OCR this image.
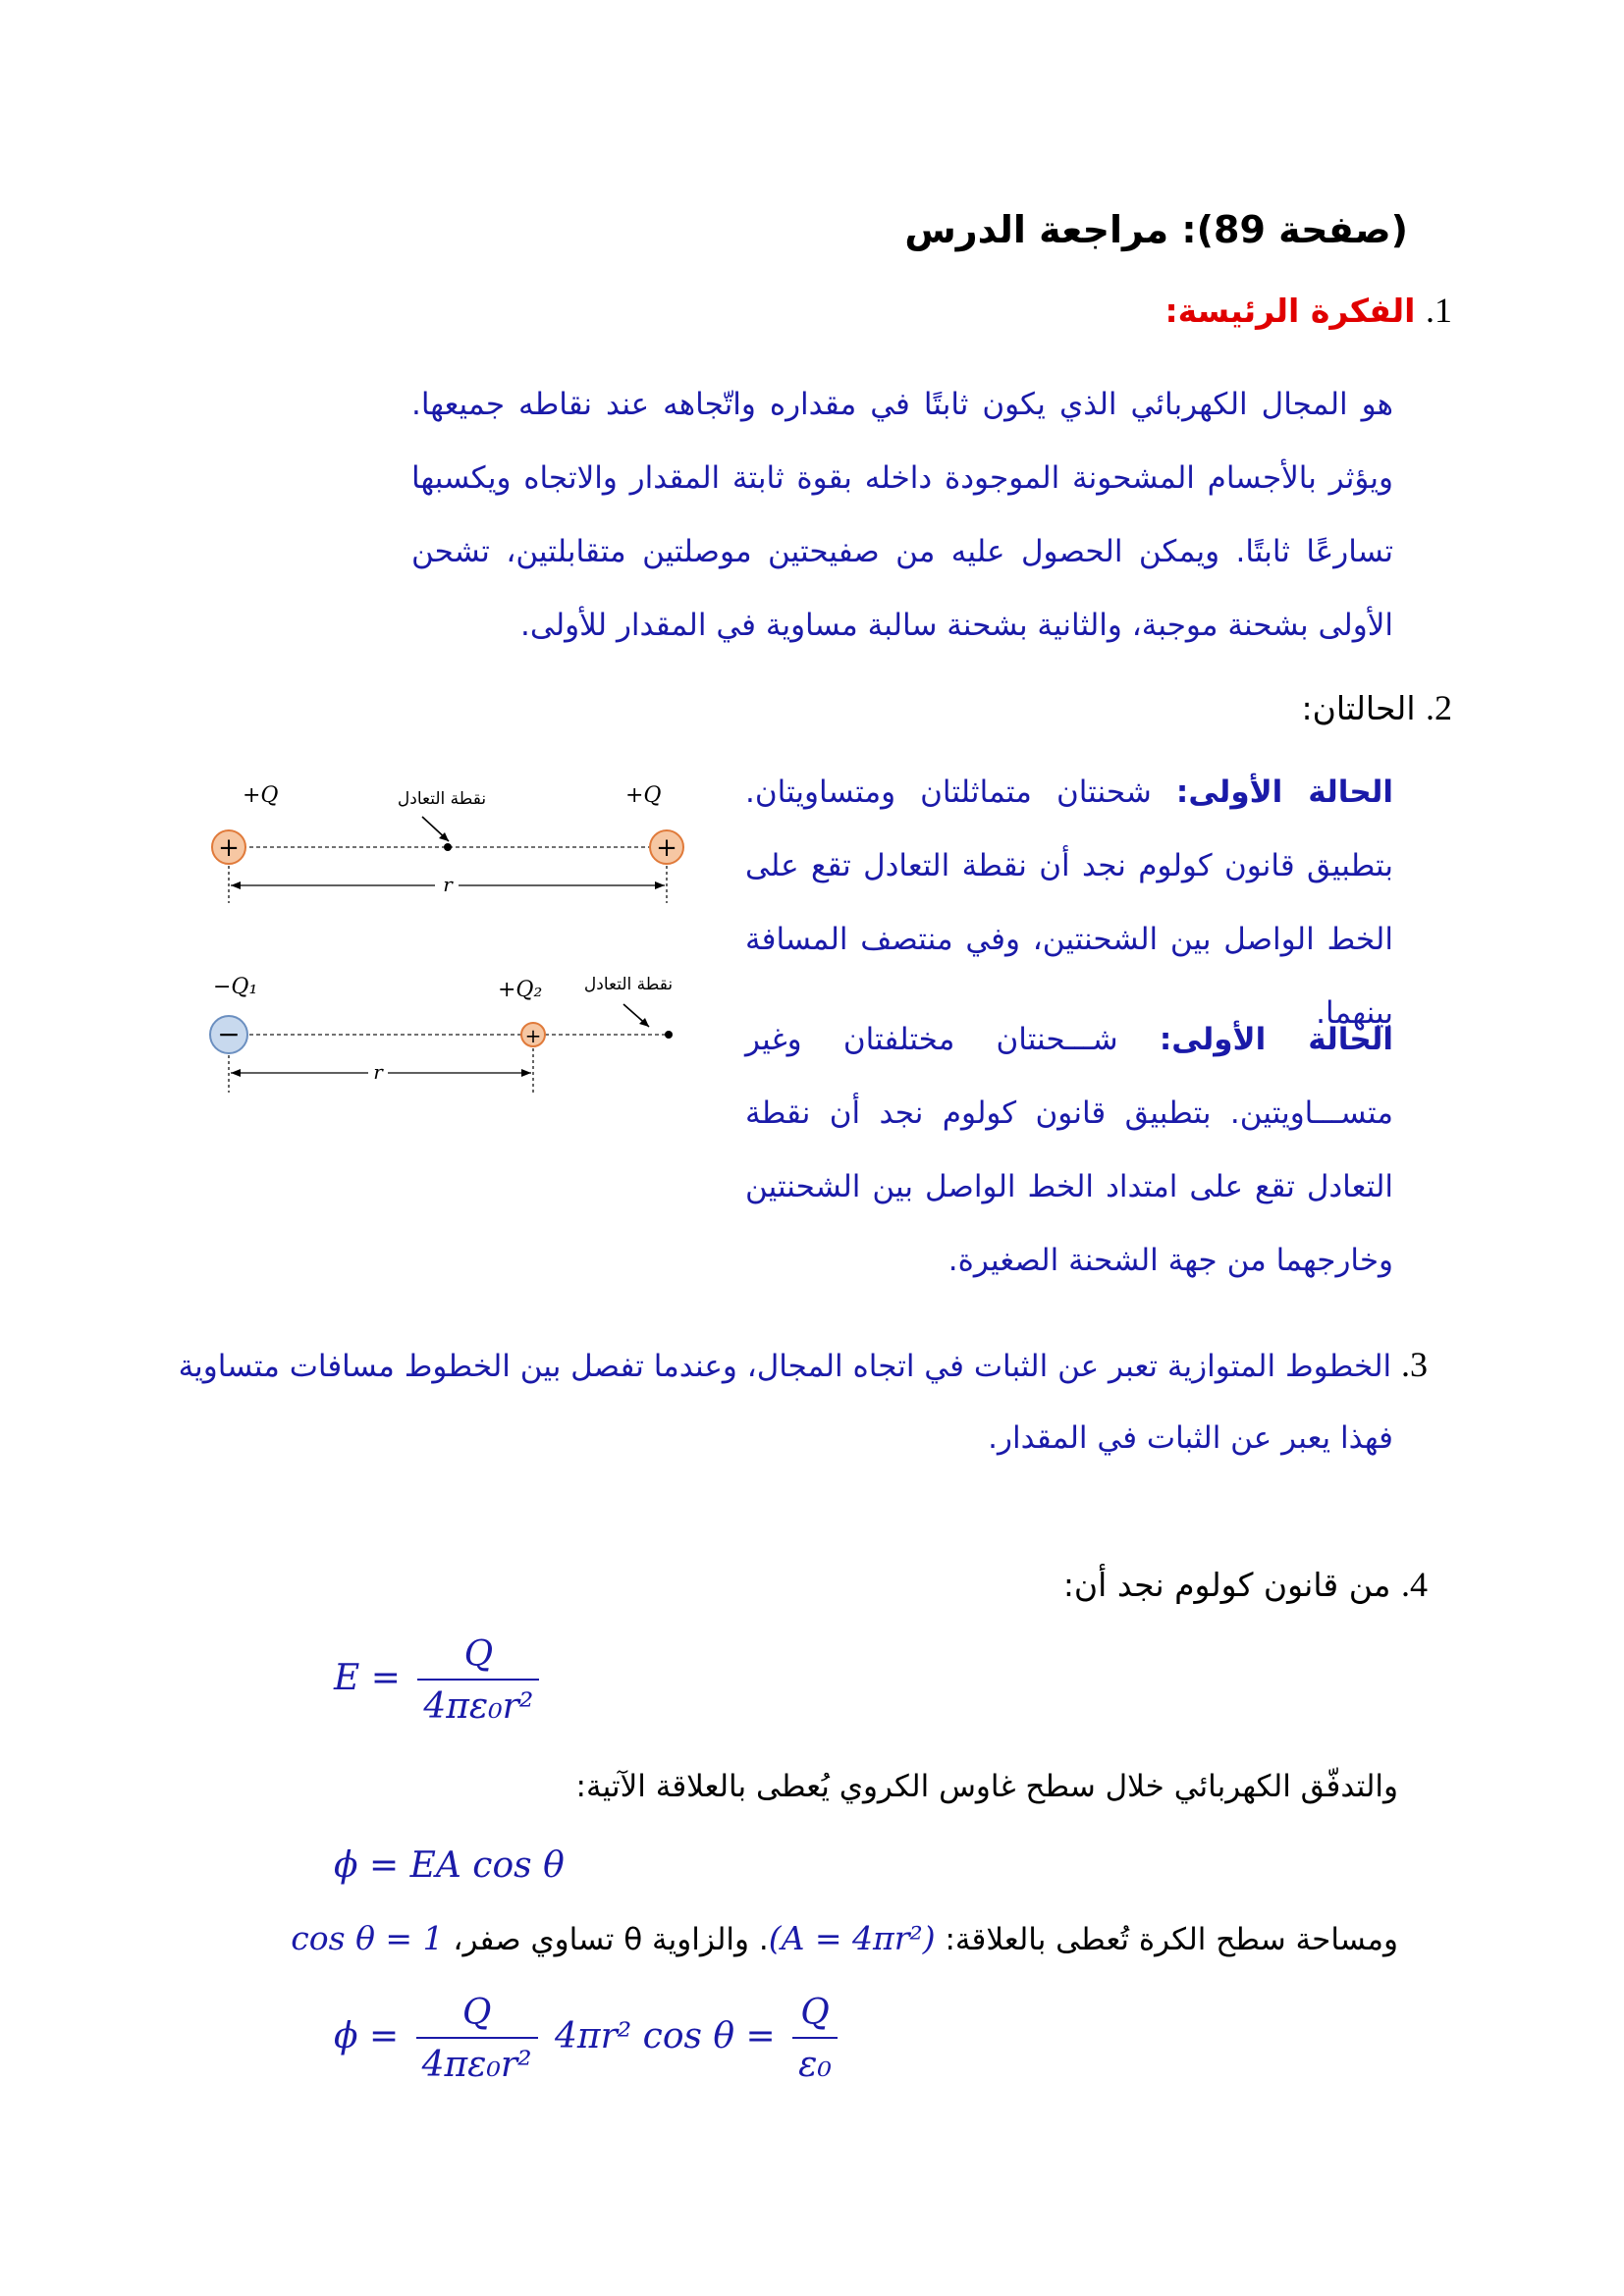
(صفحة 89): مراجعة الدرس
1. الفكرة الرئيسة:
هو المجال الكهربائي الذي يكون ثابتًا في مقداره واتّجاهه عند نقاطه جميعها. ويؤثر بالأجسام المشحونة الموجودة داخله بقوة ثابتة المقدار والاتجاه ويكسبها تسارعًا ثابتًا. ويمكن الحصول عليه من صفيحتين موصلتين متقابلتين، تشحن الأولى بشحنة موجبة، والثانية بشحنة سالبة مساوية في المقدار للأولى.
2. الحالتان:
الحالة الأولى: شحنتان متماثلتان ومتساويتان. بتطبيق قانون كولوم نجد أن نقطة التعادل تقع على الخط الواصل بين الشحنتين، وفي منتصف المسافة بينهما.
الحالة الأولى: شـــحنتان مختلفتان وغير متســـاويتين. بتطبيق قانون كولوم نجد أن نقطة التعادل تقع على امتداد الخط الواصل بين الشحنتين وخارجهما من جهة الشحنة الصغيرة.
+Q	+Q
نقطة التعادل
+	+
r
−Q₁	+Q₂	نقطة التعادل
−	+
r
3. الخطوط المتوازية تعبر عن الثبات في اتجاه المجال، وعندما تفصل بين الخطوط مسافات متساوية
فهذا يعبر عن الثبات في المقدار.
4. من قانون كولوم نجد أن:
$E = \frac{Q}{\text{4πε₀r²}}$
والتدفّق الكهربائي خلال سطح غاوس الكروي يُعطى بالعلاقة الآتية:
ϕ = EA cos θ
ومساحة سطح الكرة تُعطى بالعلاقة: (A = 4πr²). والزاوية θ تساوي صفر، cos θ = 1
$\phi = \frac{Q}{\text{4πε₀r²}} 4\pi r^2$ $\cos \theta = \frac{Q}{\text{ε₀}}$
